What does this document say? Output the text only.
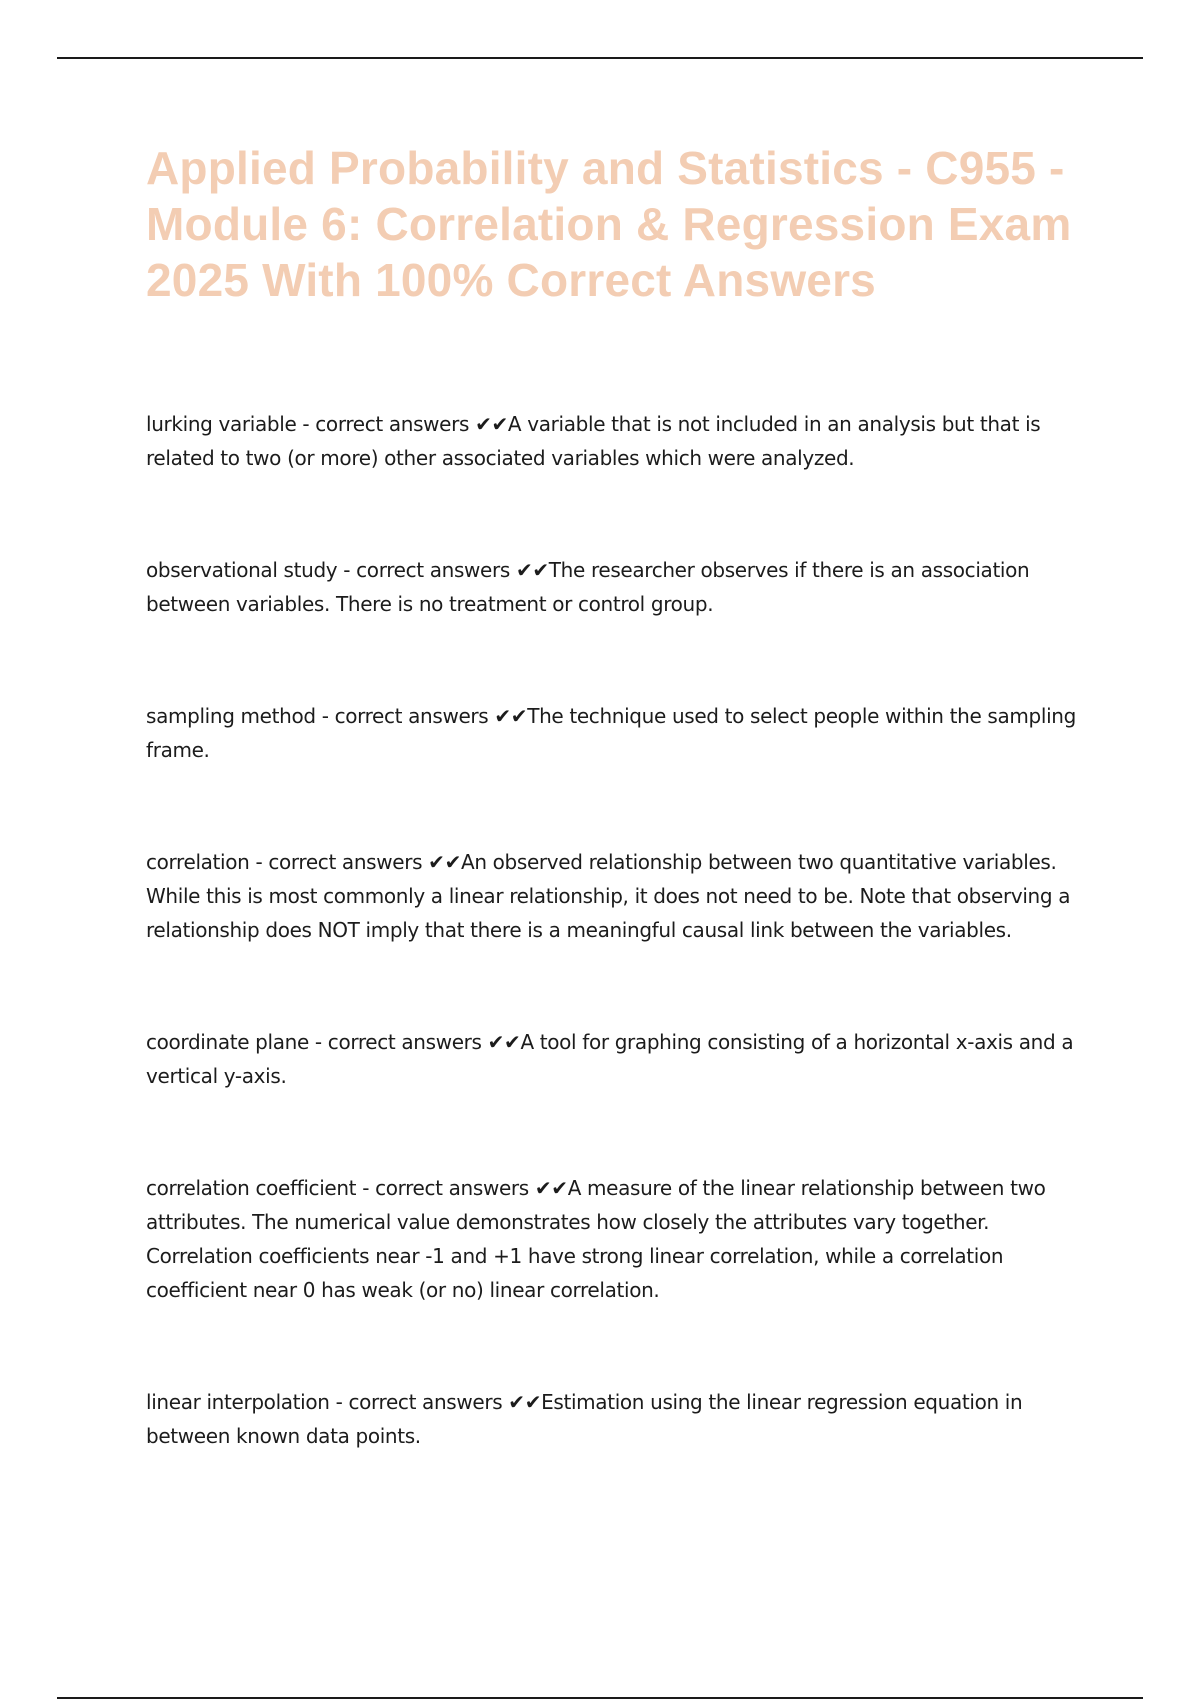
Applied Probability and Statistics - C955 - Module 6: Correlation & Regression Exam 2025 With 100% Correct Answers

lurking variable - correct answers ✔✔A variable that is not included in an analysis but that is related to two (or more) other associated variables which were analyzed.

observational study - correct answers ✔✔The researcher observes if there is an association between variables. There is no treatment or control group.

sampling method - correct answers ✔✔The technique used to select people within the sampling frame.

correlation - correct answers ✔✔An observed relationship between two quantitative variables. While this is most commonly a linear relationship, it does not need to be. Note that observing a relationship does NOT imply that there is a meaningful causal link between the variables.

coordinate plane - correct answers ✔✔A tool for graphing consisting of a horizontal x-axis and a vertical y-axis.

correlation coefficient - correct answers ✔✔A measure of the linear relationship between two attributes. The numerical value demonstrates how closely the attributes vary together. Correlation coefficients near -1 and +1 have strong linear correlation, while a correlation coefficient near 0 has weak (or no) linear correlation.

linear interpolation - correct answers ✔✔Estimation using the linear regression equation in between known data points.
